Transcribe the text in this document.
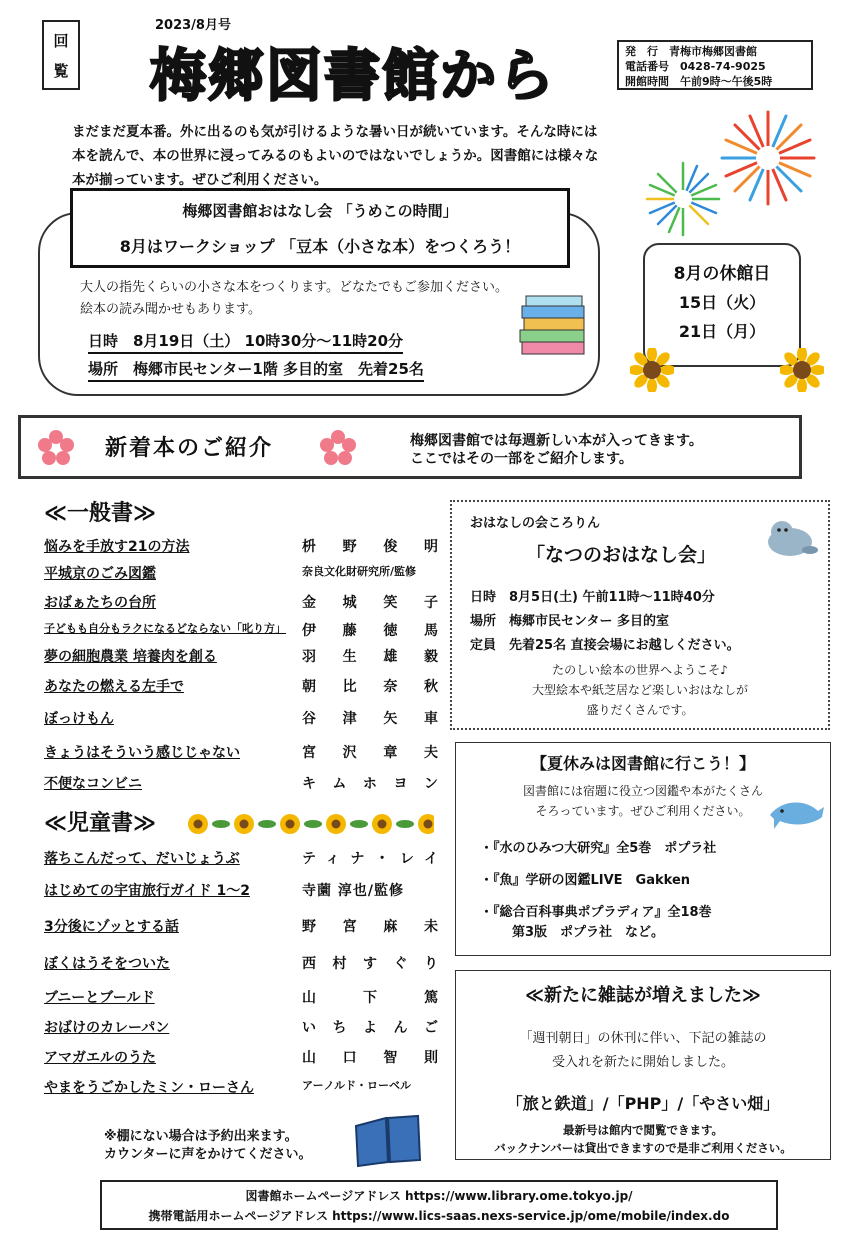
回
覧
2023/8月号
梅郷図書館から	発　行　青梅市梅郷図書館
電話番号　0428-74-9025
開館時間　午前9時～午後5時
まだまだ夏本番。外に出るのも気が引けるような暑い日が続いています。そんな時には
本を読んで、本の世界に浸ってみるのもよいのではないでしょうか。図書館には様々な
本が揃っています。ぜひご利用ください。
梅郷図書館おはなし会 「うめこの時間」
8月はワークショップ 「豆本（小さな本）をつくろう！
大人の指先くらいの小さな本をつくります。どなたでもご参加ください。
絵本の読み聞かせもあります。
日時　8月19日（土） 10時30分～11時20分
場所　梅郷市民センター1階 多目的室　先着25名
8月の休館日
15日（火）
21日（月）
新着本のご紹介	梅郷図書館では毎週新しい本が入ってきます。
ここではその一部をご紹介します。
≪一般書≫
悩みを手放す21の方法	枡野俊明
平城京のごみ図鑑	奈良文化財研究所/監修
おばぁたちの台所	金城笑子
子どもも自分もラクになるどならない「叱り方」 伊藤徳馬
夢の細胞農業 培養肉を創る	羽生雄毅
あなたの燃える左手で	朝比奈秋
ぼっけもん	谷津矢車
きょうはそういう感じじゃない	宮沢章夫
不便なコンビニ	キムホヨン
≪児童書≫
落ちこんだって、だいじょうぶ	ティナ・レイ
はじめての宇宙旅行ガイド 1～2	寺薗 淳也/監修
3分後にゾッとする話	野宮麻未
ぼくはうそをついた	西村すぐり
ブニーとブールド	山下篤
おばけのカレーパン	いちよんご
アマガエルのうた	山口智則
やまをうごかしたミン・ローさん	アーノルド・ローベル
※棚にない場合は予約出来ます。
カウンターに声をかけてください。
おはなしの会ころりん
「なつのおはなし会」
日時　8月5日(土) 午前11時～11時40分
場所　梅郷市民センター 多目的室
定員　先着25名 直接会場にお越しください。
たのしい絵本の世界へようこそ♪
大型絵本や紙芝居など楽しいおはなしが
盛りだくさんです。
【夏休みは図書館に行こう！】
図書館には宿題に役立つ図鑑や本がたくさん
そろっています。ぜひご利用ください。
・『水のひみつ大研究』全5巻　ポプラ社
・『魚』学研の図鑑LIVE　Gakken
・『総合百科事典ポプラディア』全18巻
第3版　ポプラ社　など。
≪新たに雑誌が増えました≫
「週刊朝日」の休刊に伴い、下記の雑誌の
受入れを新たに開始しました。
「旅と鉄道」/「PHP」/「やさい畑」
最新号は館内で閲覧できます。
バックナンバーは貸出できますので是非ご利用ください。
図書館ホームページアドレス https://www.library.ome.tokyo.jp/
携帯電話用ホームページアドレス https://www.lics-saas.nexs-service.jp/ome/mobile/index.do
